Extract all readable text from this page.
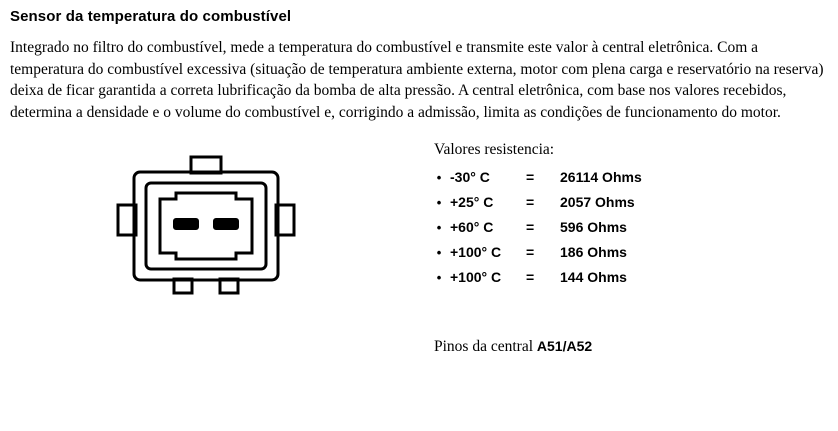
Sensor da temperatura do combustível

Integrado no filtro do combustível, mede a temperatura do combustível e transmite este valor à central eletrônica. Com a temperatura do combustível excessiva (situação de temperatura ambiente externa, motor com plena carga e reservatório na reserva) deixa de ficar garantida a correta lubrificação da bomba de alta pressão. A central eletrônica, com base nos valores recebidos, determina a densidade e o volume do combustível e, corrigindo a admissão, limita as condições de funcionamento do motor.

Valores resistencia:
• -30° C	=	26114 Ohms
• +25° C	=	2057 Ohms
• +60° C	=	596 Ohms
• +100° C	=	186 Ohms
• +100° C	=	144 Ohms
Pinos da central A51/A52
